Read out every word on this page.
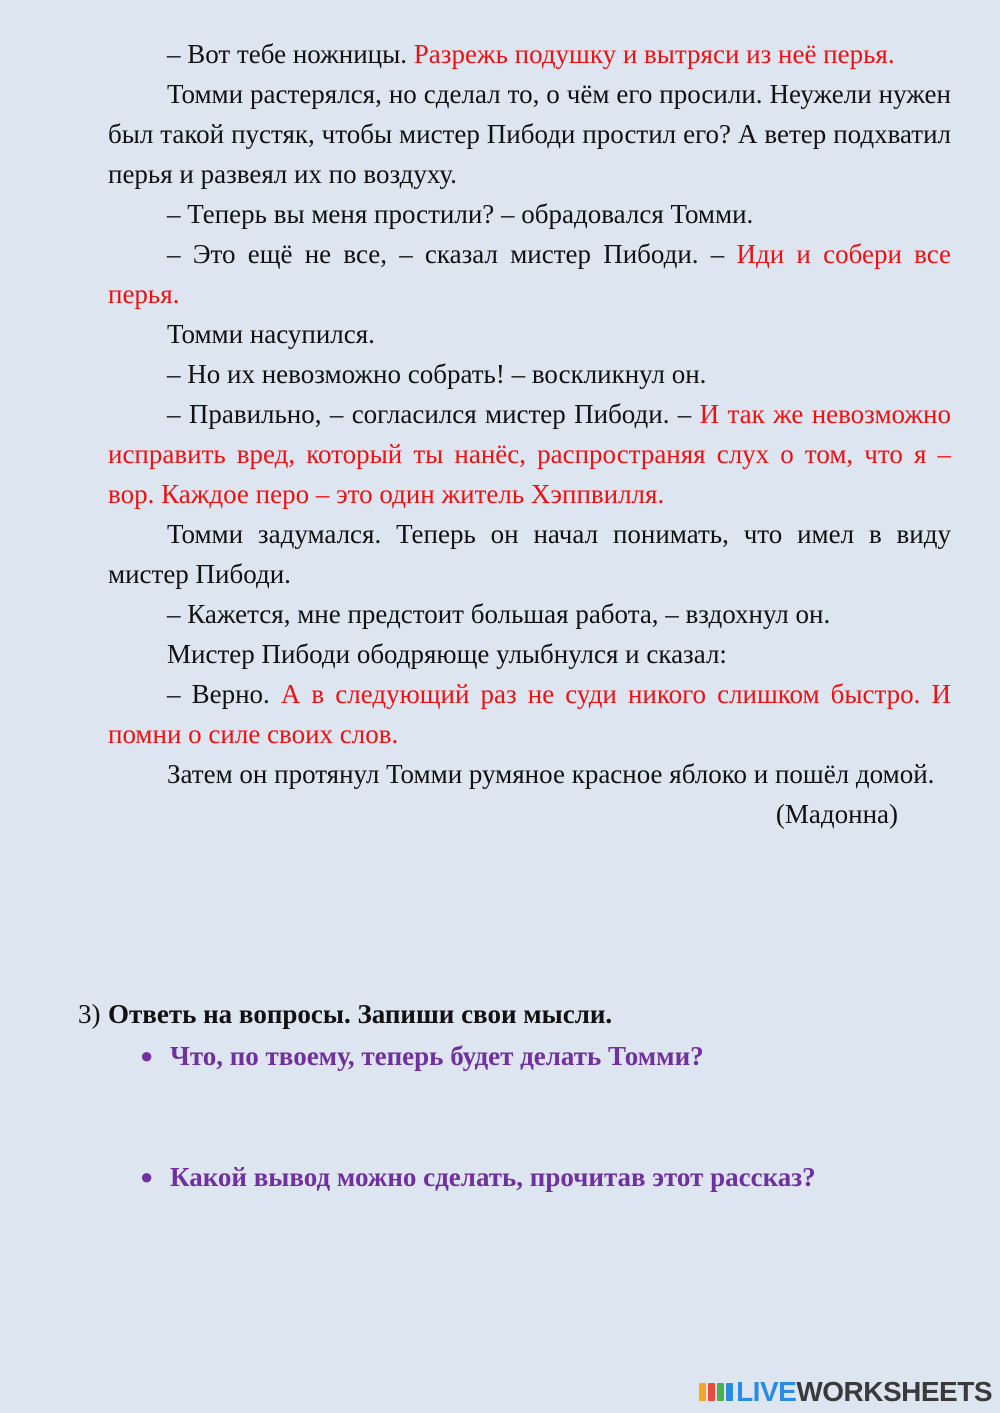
– Вот тебе ножницы. Разрежь подушку и вытряси из неё перья.

Томми растерялся, но сделал то, о чём его просили. Неужели нужен был такой пустяк, чтобы мистер Пибоди простил его? А ветер подхватил перья и развеял их по воздуху.

– Теперь вы меня простили? – обрадовался Томми.

– Это ещё не все, – сказал мистер Пибоди. – Иди и собери все перья.

Томми насупился.

– Но их невозможно собрать! – воскликнул он.

– Правильно, – согласился мистер Пибоди. – И так же невозможно исправить вред, который ты нанёс, распространяя слух о том, что я – вор. Каждое перо – это один житель Хэппвилля.

Томми задумался. Теперь он начал понимать, что имел в виду мистер Пибоди.

– Кажется, мне предстоит большая работа, – вздохнул он.

Мистер Пибоди ободряюще улыбнулся и сказал:

– Верно. А в следующий раз не суди никого слишком быстро. И помни о силе своих слов.

Затем он протянул Томми румяное красное яблоко и пошёл домой.

(Мадонна)

3) Ответь на вопросы. Запиши свои мысли.
● Что, по твоему, теперь будет делать Томми?
● Какой вывод можно сделать, прочитав этот рассказ?
LIVEWORKSHEETS
